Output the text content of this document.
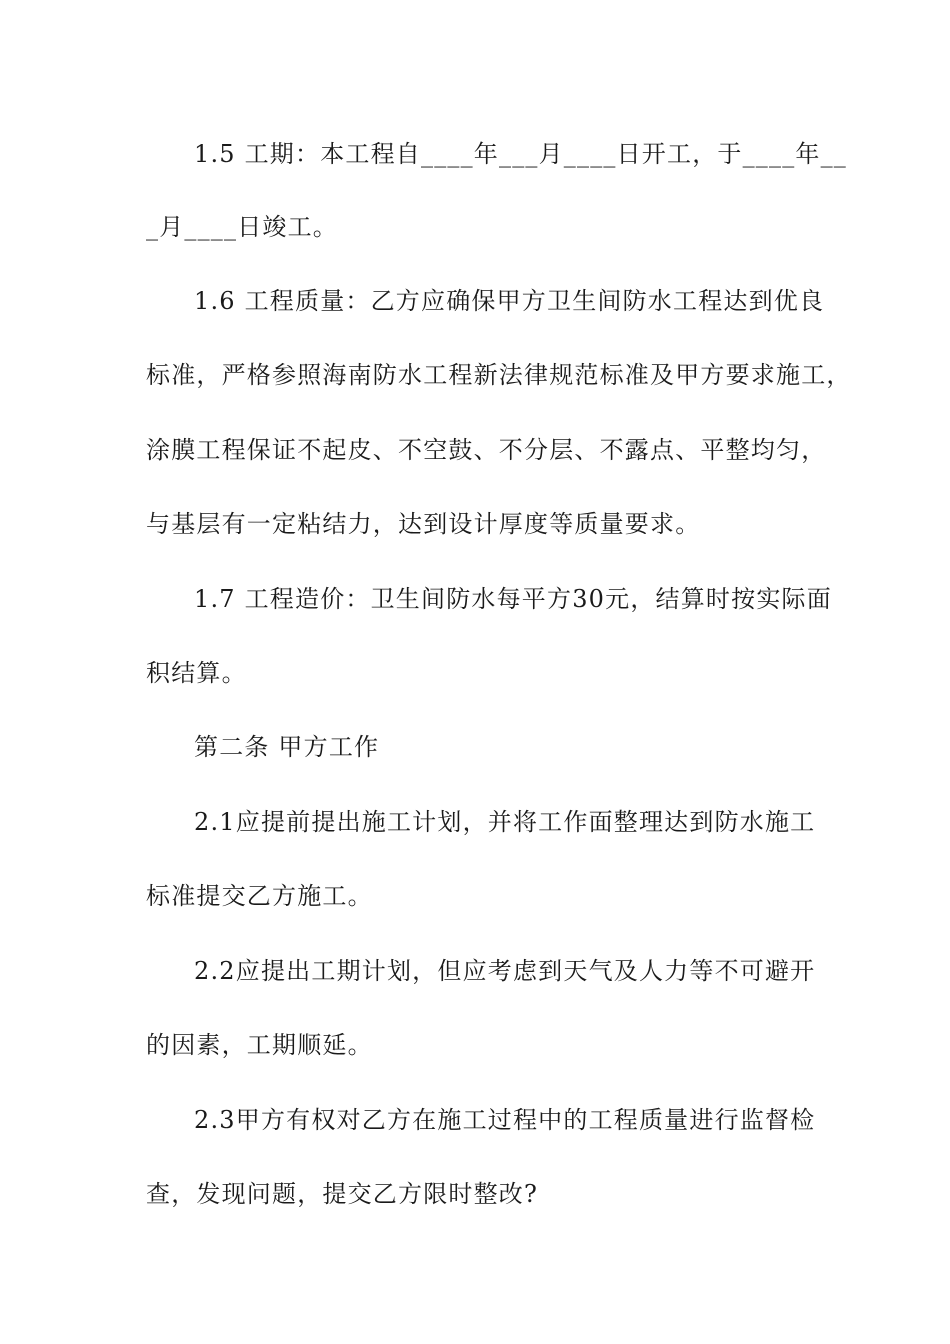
1.5 工期：本工程自____年___月____日开工，于____年__
_月____日竣工。
1.6 工程质量：乙方应确保甲方卫生间防水工程达到优良
标准，严格参照海南防水工程新法律规范标准及甲方要求施工，
涂膜工程保证不起皮、不空鼓、不分层、不露点、平整均匀，
与基层有一定粘结力，达到设计厚度等质量要求。
1.7 工程造价：卫生间防水每平方30元，结算时按实际面
积结算。
第二条 甲方工作
2.1应提前提出施工计划，并将工作面整理达到防水施工
标准提交乙方施工。
2.2应提出工期计划，但应考虑到天气及人力等不可避开
的因素，工期顺延。
2.3甲方有权对乙方在施工过程中的工程质量进行监督检
查，发现问题，提交乙方限时整改?
